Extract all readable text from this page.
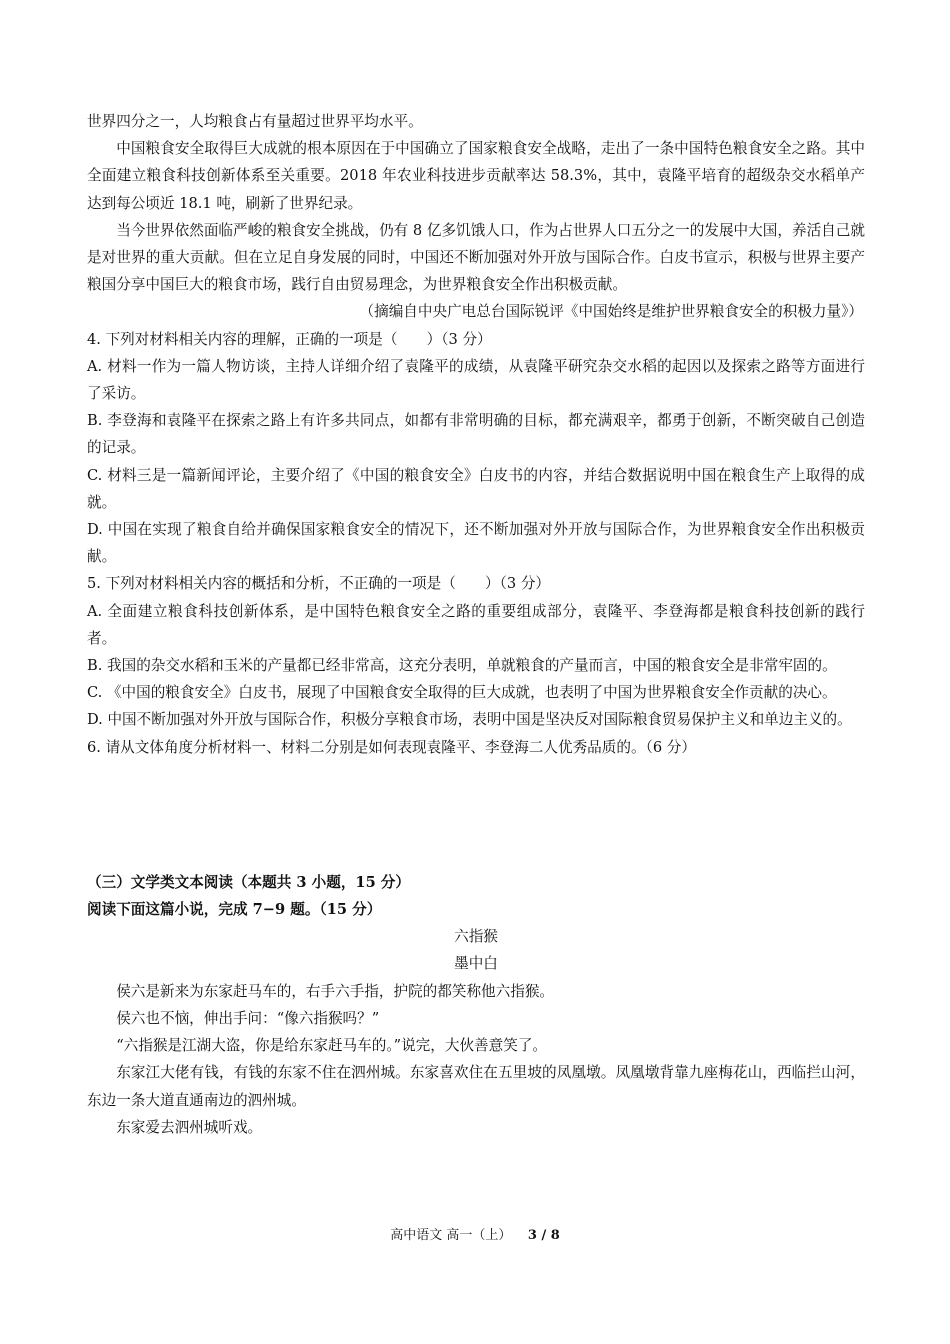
世界四分之一，人均粮食占有量超过世界平均水平。

中国粮食安全取得巨大成就的根本原因在于中国确立了国家粮食安全战略，走出了一条中国特色粮食安全之路。其中全面建立粮食科技创新体系至关重要。2018 年农业科技进步贡献率达 58.3%，其中，袁隆平培育的超级杂交水稻单产达到每公顷近 18.1 吨，刷新了世界纪录。

当今世界依然面临严峻的粮食安全挑战，仍有 8 亿多饥饿人口，作为占世界人口五分之一的发展中大国，养活自己就是对世界的重大贡献。但在立足自身发展的同时，中国还不断加强对外开放与国际合作。白皮书宣示，积极与世界主要产粮国分享中国巨大的粮食市场，践行自由贸易理念，为世界粮食安全作出积极贡献。

（摘编自中央广电总台国际锐评《中国始终是维护世界粮食安全的积极力量》）

4. 下列对材料相关内容的理解，正确的一项是（　　）（3 分）

A. 材料一作为一篇人物访谈，主持人详细介绍了袁隆平的成绩，从袁隆平研究杂交水稻的起因以及探索之路等方面进行了采访。

B. 李登海和袁隆平在探索之路上有许多共同点，如都有非常明确的目标，都充满艰辛，都勇于创新，不断突破自己创造的记录。

C. 材料三是一篇新闻评论，主要介绍了《中国的粮食安全》白皮书的内容，并结合数据说明中国在粮食生产上取得的成就。

D. 中国在实现了粮食自给并确保国家粮食安全的情况下，还不断加强对外开放与国际合作，为世界粮食安全作出积极贡献。

5. 下列对材料相关内容的概括和分析，不正确的一项是（　　）（3 分）

A. 全面建立粮食科技创新体系，是中国特色粮食安全之路的重要组成部分，袁隆平、李登海都是粮食科技创新的践行者。

B. 我国的杂交水稻和玉米的产量都已经非常高，这充分表明，单就粮食的产量而言，中国的粮食安全是非常牢固的。

C. 《中国的粮食安全》白皮书，展现了中国粮食安全取得的巨大成就，也表明了中国为世界粮食安全作贡献的决心。

D. 中国不断加强对外开放与国际合作，积极分享粮食市场，表明中国是坚决反对国际粮食贸易保护主义和单边主义的。

6. 请从文体角度分析材料一、材料二分别是如何表现袁隆平、李登海二人优秀品质的。（6 分）

（三）文学类文本阅读（本题共 3 小题，15 分）

阅读下面这篇小说，完成 7−9 题。（15 分）

六指猴

墨中白

侯六是新来为东家赶马车的，右手六手指，护院的都笑称他六指猴。

侯六也不恼，伸出手问：“像六指猴吗？”

“六指猴是江湖大盗，你是给东家赶马车的。”说完，大伙善意笑了。

东家江大佬有钱，有钱的东家不住在泗州城。东家喜欢住在五里坡的凤凰墩。凤凰墩背靠九座梅花山，西临拦山河，东边一条大道直通南边的泗州城。

东家爱去泗州城听戏。

高中语文 高一（上） 3 / 8
